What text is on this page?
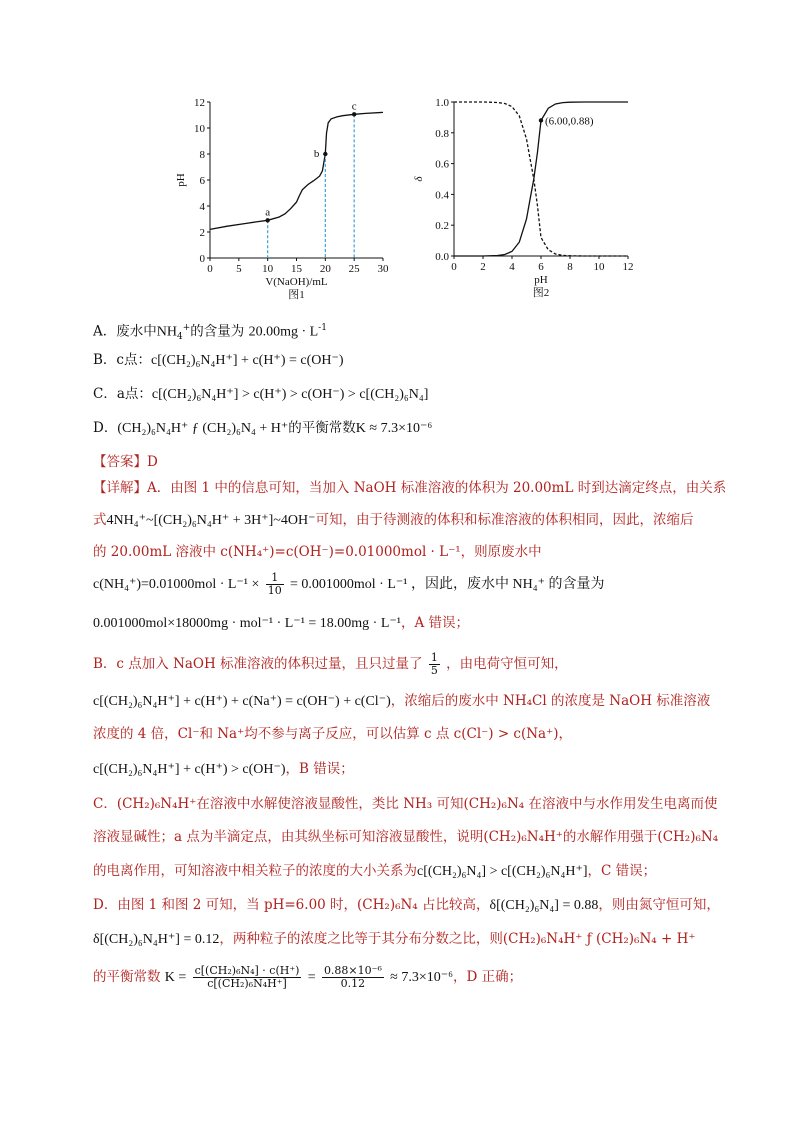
0 5 10 15 20 25 30
0
2
4
6
8
10
12
V(NaOH)/mL
pH
图1
a
b
c
0 2 4 6 8 10 12
0.0
0.2
0.4
0.6
0.8
1.0
pH
δ
图2
(6.00,0.88)
A．废水中$NH_4^+$的含量为 $20.00mg \cdot L^{-1}$
B．c点：c[(CH₂)₆N₄H⁺] + c(H⁺) = c(OH⁻)
C．a点：c[(CH₂)₆N₄H⁺] > c(H⁺) > c(OH⁻) > c[(CH₂)₆N₄]
D．(CH₂)₆N₄H⁺ ƒ (CH₂)₆N₄ + H⁺的平衡常数K ≈ 7.3×10⁻⁶
【答案】D
【详解】A．由图 1 中的信息可知，当加入 NaOH 标准溶液的体积为 20.00mL 时到达滴定终点，由关系
式4NH₄⁺~[(CH₂)₆N₄H⁺ + 3H⁺]~4OH⁻可知，由于待测液的体积和标准溶液的体积相同，因此，浓缩后
的 20.00mL 溶液中 c(NH₄⁺)=c(OH⁻)=0.01000mol · L⁻¹，则原废水中
$c(NH_4^+)=0.01000mol \cdot L^{-1} \times \frac{1}{10} = 0.001000mol \cdot L^{-1}$ ，因此，废水中 NH₄⁺ 的含量为
0.001000mol×18000mg · mol⁻¹ · L⁻¹ = 18.00mg · L⁻¹，A 错误；
B．c 点加入 NaOH 标准溶液的体积过量，且只过量了 $\frac{1}{5}$ ，由电荷守恒可知，
c[(CH₂)₆N₄H⁺] + c(H⁺) + c(Na⁺) = c(OH⁻) + c(Cl⁻)，浓缩后的废水中 NH₄Cl 的浓度是 NaOH 标准溶液
浓度的 4 倍，Cl⁻和 Na⁺均不参与离子反应，可以估算 c 点 c(Cl⁻) > c(Na⁺)，
c[(CH₂)₆N₄H⁺] + c(H⁺) > c(OH⁻)，B 错误；
C．(CH₂)₆N₄H⁺在溶液中水解使溶液显酸性，类比 NH₃ 可知(CH₂)₆N₄ 在溶液中与水作用发生电离而使
溶液显碱性；a 点为半滴定点，由其纵坐标可知溶液显酸性，说明(CH₂)₆N₄H⁺的水解作用强于(CH₂)₆N₄
的电离作用，可知溶液中相关粒子的浓度的大小关系为c[(CH₂)₆N₄] > c[(CH₂)₆N₄H⁺]，C 错误；
D．由图 1 和图 2 可知，当 pH=6.00 时，(CH₂)₆N₄ 占比较高，δ[(CH₂)₆N₄] = 0.88，则由氮守恒可知，
δ[(CH₂)₆N₄H⁺] = 0.12，两种粒子的浓度之比等于其分布分数之比，则(CH₂)₆N₄H⁺ ƒ (CH₂)₆N₄ + H⁺
的平衡常数 $K = \frac{\text{c[(CH₂)₆N₄] · c(H⁺)}}{\text{c[(CH₂)₆N₄H⁺]}} = \frac{\text{0.88×10⁻⁶}}{0.12} \approx 7.3\times 10^{-6}$，D 正确；
